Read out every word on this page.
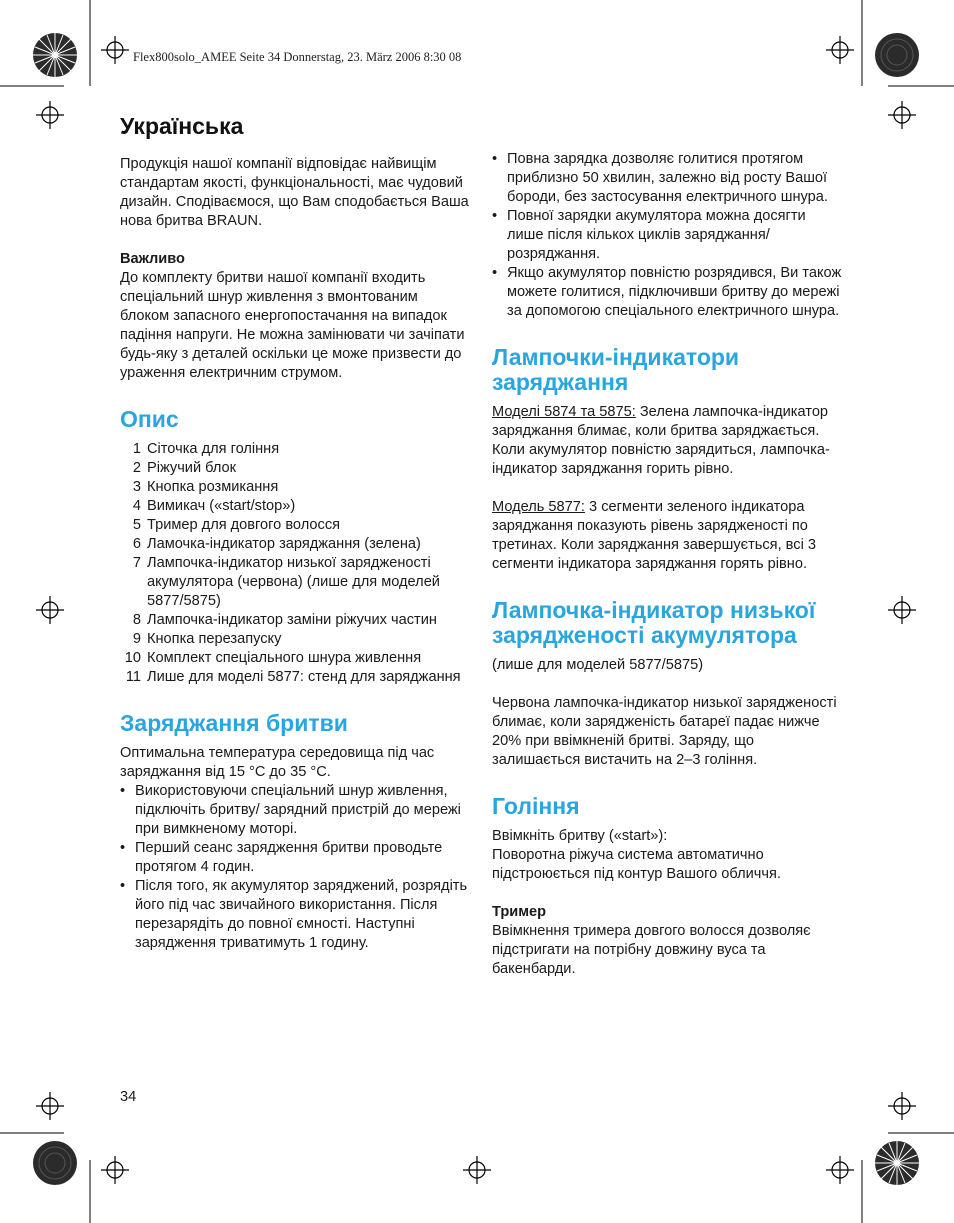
Flex800solo_AMEE Seite 34 Donnerstag, 23. März 2006 8:30 08
Українська

Продукція нашої компанії відповідає найвищім стандартам якості, функціональності, має чудовий дизайн. Сподіваємося, що Вам сподобається Ваша нова бритва BRAUN.

Важливо

До комплекту бритви нашої компанії входить спеціальний шнур живлення з вмонтованим блоком запасного енергопостачання на випадок падіння напруги. Не можна замінювати чи зачіпати будь-яку з деталей оскільки це може призвести до ураження електричним струмом.

Опис
1 Сіточка для гоління
2 Ріжучий блок
3 Кнопка розмикання
4 Вимикач («start/stop»)
5 Тример для довгого волосся
6 Ламочка-індикатор заряджання (зелена)
7 Лампочка-індикатор низької зарядженості акумулятора (червона) (лише для моделей 5877/5875)
8 Лампочка-індикатор заміни ріжучих частин
9 Кнопка перезапуску
10 Комплект спеціального шнура живлення
11 Лише для моделі 5877: стенд для заряджання
Заряджання бритви

Оптимальна температура середовища під час заряджання від 15 °C до 35 °C.

• Використовуючи спеціальний шнур живлення, підключіть бритву/ зарядний пристрій до мережі при вимкненому моторі.
• Перший сеанс зарядження бритви проводьте протягом 4 годин.
• Після того, як акумулятор заряджений, розрядіть його під час звичайного використання. Після перезарядіть до повної ємності. Наступні зарядження триватимуть 1 годину.
• Повна зарядка дозволяє голитися протягом приблизно 50 хвилин, залежно від росту Вашої бороди, без застосування електричного шнура.
• Повної зарядки акумулятора можна досягти лише після кількох циклів заряджання/розряджання.
• Якщо акумулятор повністю розрядився, Ви також можете голитися, підключивши бритву до мережі за допомогою спеціального електричного шнура.
Лампочки-індикатори заряджання

Моделі 5874 та 5875: Зелена лампочка-індикатор заряджання блимає, коли бритва заряджається. Коли акумулятор повністю зарядиться, лампочка-індикатор заряджання горить рівно.

Модель 5877: 3 сегменти зеленого індикатора заряджання показують рівень зарядженості по третинах. Коли заряджання завершується, всі 3 сегменти індикатора заряджання горять рівно.

Лампочка-індикатор низької зарядженості акумулятора

(лише для моделей 5877/5875)

Червона лампочка-індикатор низької зарядженості блимає, коли зарядженість батареї падає нижче 20% при ввімкненій бритві. Заряду, що залишається вистачить на 2–3 гоління.

Гоління

Ввімкніть бритву («start»):
Поворотна ріжуча система автоматично підстроюється під контур Вашого обличчя.

Тример

Ввімкнення тримера довгого волосся дозволяє підстригати на потрібну довжину вуса та бакенбарди.

34
